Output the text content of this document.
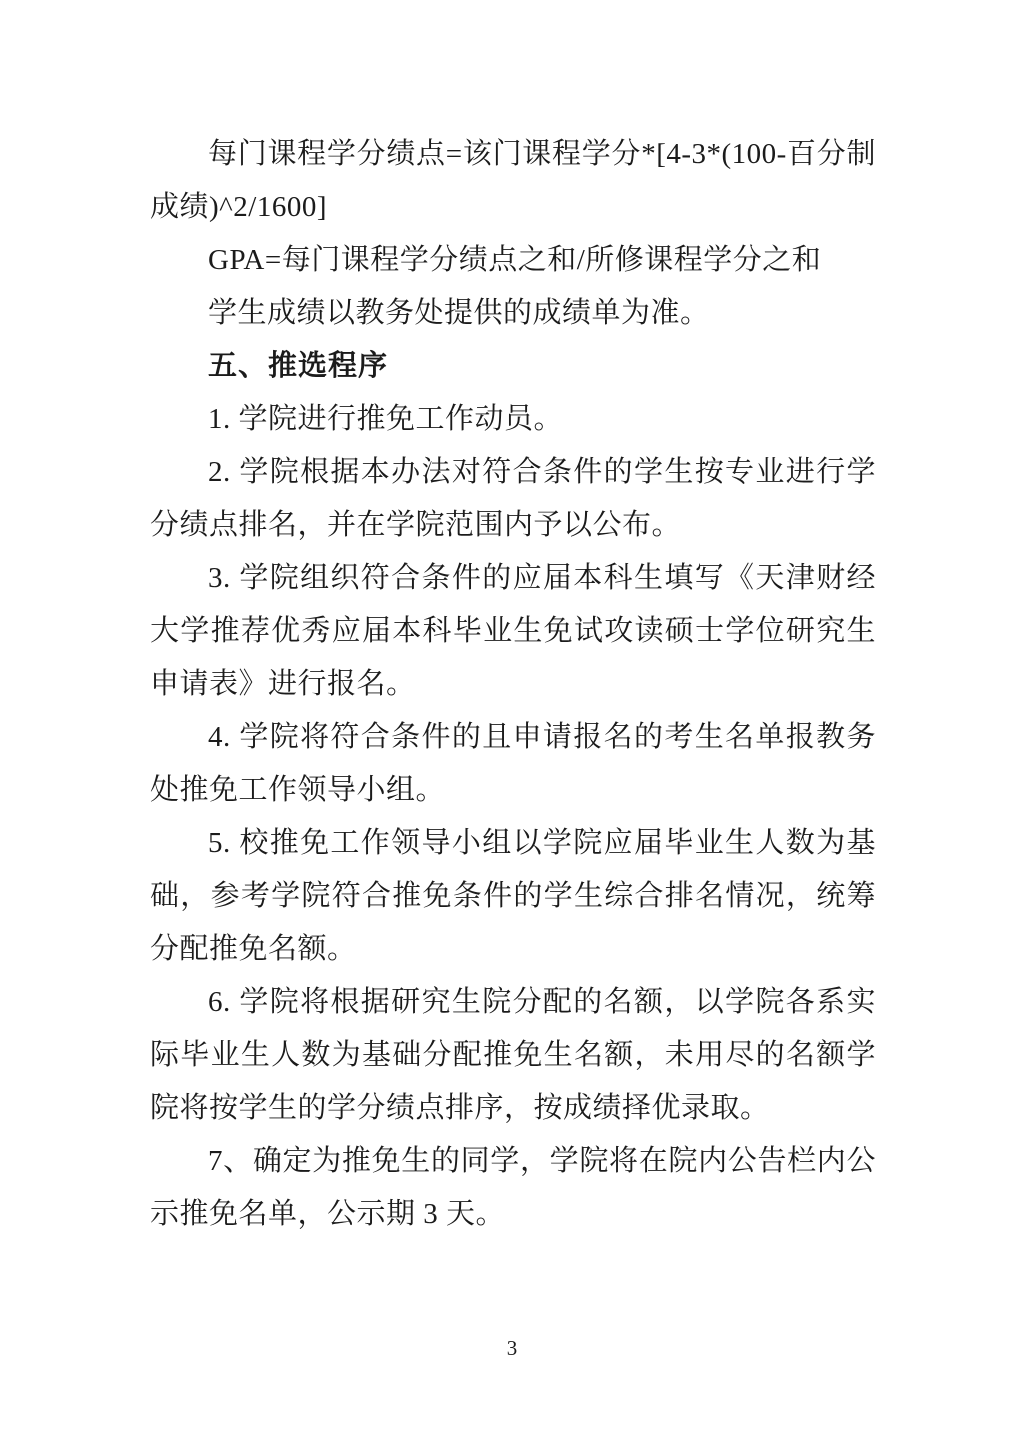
每门课程学分绩点=该门课程学分*[4-3*(100-百分制成绩)^2/1600]

GPA=每门课程学分绩点之和/所修课程学分之和

学生成绩以教务处提供的成绩单为准。

五、推选程序

1. 学院进行推免工作动员。

2. 学院根据本办法对符合条件的学生按专业进行学分绩点排名，并在学院范围内予以公布。

3. 学院组织符合条件的应届本科生填写《天津财经大学推荐优秀应届本科毕业生免试攻读硕士学位研究生申请表》进行报名。

4. 学院将符合条件的且申请报名的考生名单报教务处推免工作领导小组。

5. 校推免工作领导小组以学院应届毕业生人数为基础，参考学院符合推免条件的学生综合排名情况，统筹分配推免名额。

6. 学院将根据研究生院分配的名额，以学院各系实际毕业生人数为基础分配推免生名额，未用尽的名额学院将按学生的学分绩点排序，按成绩择优录取。

7、确定为推免生的同学，学院将在院内公告栏内公示推免名单，公示期 3 天。

3
